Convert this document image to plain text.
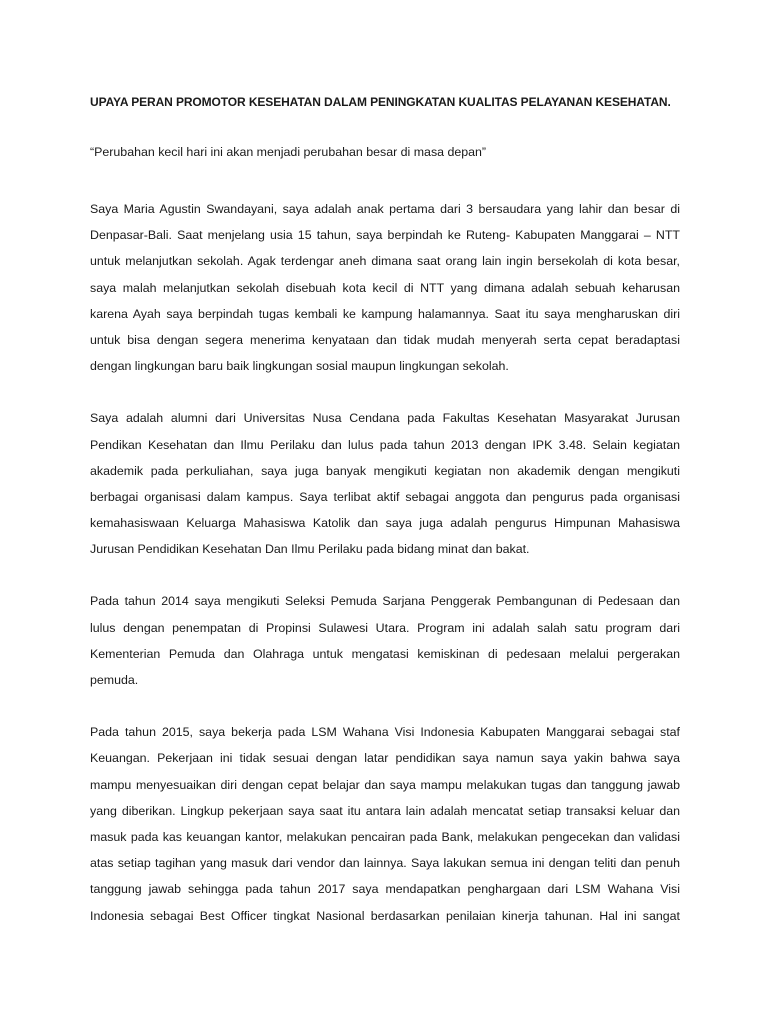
UPAYA PERAN PROMOTOR KESEHATAN DALAM PENINGKATAN KUALITAS PELAYANAN KESEHATAN.
“Perubahan kecil hari ini akan menjadi perubahan besar di masa depan”
Saya Maria Agustin Swandayani, saya adalah anak pertama dari 3 bersaudara yang lahir dan besar di
Denpasar-Bali. Saat menjelang usia 15 tahun, saya berpindah ke Ruteng- Kabupaten Manggarai – NTT
untuk melanjutkan sekolah. Agak terdengar aneh dimana saat orang lain ingin bersekolah di kota besar,
saya malah melanjutkan sekolah disebuah kota kecil di NTT yang dimana adalah sebuah keharusan
karena Ayah saya berpindah tugas kembali ke kampung halamannya. Saat itu saya mengharuskan diri
untuk bisa dengan segera menerima kenyataan dan tidak mudah menyerah serta cepat beradaptasi
dengan lingkungan baru baik lingkungan sosial maupun lingkungan sekolah.
Saya adalah alumni dari Universitas Nusa Cendana pada Fakultas Kesehatan Masyarakat Jurusan
Pendikan Kesehatan dan Ilmu Perilaku dan lulus pada tahun 2013 dengan IPK 3.48. Selain kegiatan
akademik pada perkuliahan, saya juga banyak mengikuti kegiatan non akademik dengan mengikuti
berbagai organisasi dalam kampus. Saya terlibat aktif sebagai anggota dan pengurus pada organisasi
kemahasiswaan Keluarga Mahasiswa Katolik dan saya juga adalah pengurus Himpunan Mahasiswa
Jurusan Pendidikan Kesehatan Dan Ilmu Perilaku pada bidang minat dan bakat.
Pada tahun 2014 saya mengikuti Seleksi Pemuda Sarjana Penggerak Pembangunan di Pedesaan dan
lulus dengan penempatan di Propinsi Sulawesi Utara. Program ini adalah salah satu program dari
Kementerian Pemuda dan Olahraga untuk mengatasi kemiskinan di pedesaan melalui pergerakan
pemuda.
Pada tahun 2015, saya bekerja pada LSM Wahana Visi Indonesia Kabupaten Manggarai sebagai staf
Keuangan. Pekerjaan ini tidak sesuai dengan latar pendidikan saya namun saya yakin bahwa saya
mampu menyesuaikan diri dengan cepat belajar dan saya mampu melakukan tugas dan tanggung jawab
yang diberikan. Lingkup pekerjaan saya saat itu antara lain adalah mencatat setiap transaksi keluar dan
masuk pada kas keuangan kantor, melakukan pencairan pada Bank, melakukan pengecekan dan validasi
atas setiap tagihan yang masuk dari vendor dan lainnya. Saya lakukan semua ini dengan teliti dan penuh
tanggung jawab sehingga pada tahun 2017 saya mendapatkan penghargaan dari LSM Wahana Visi
Indonesia sebagai Best Officer tingkat Nasional berdasarkan penilaian kinerja tahunan. Hal ini sangat
